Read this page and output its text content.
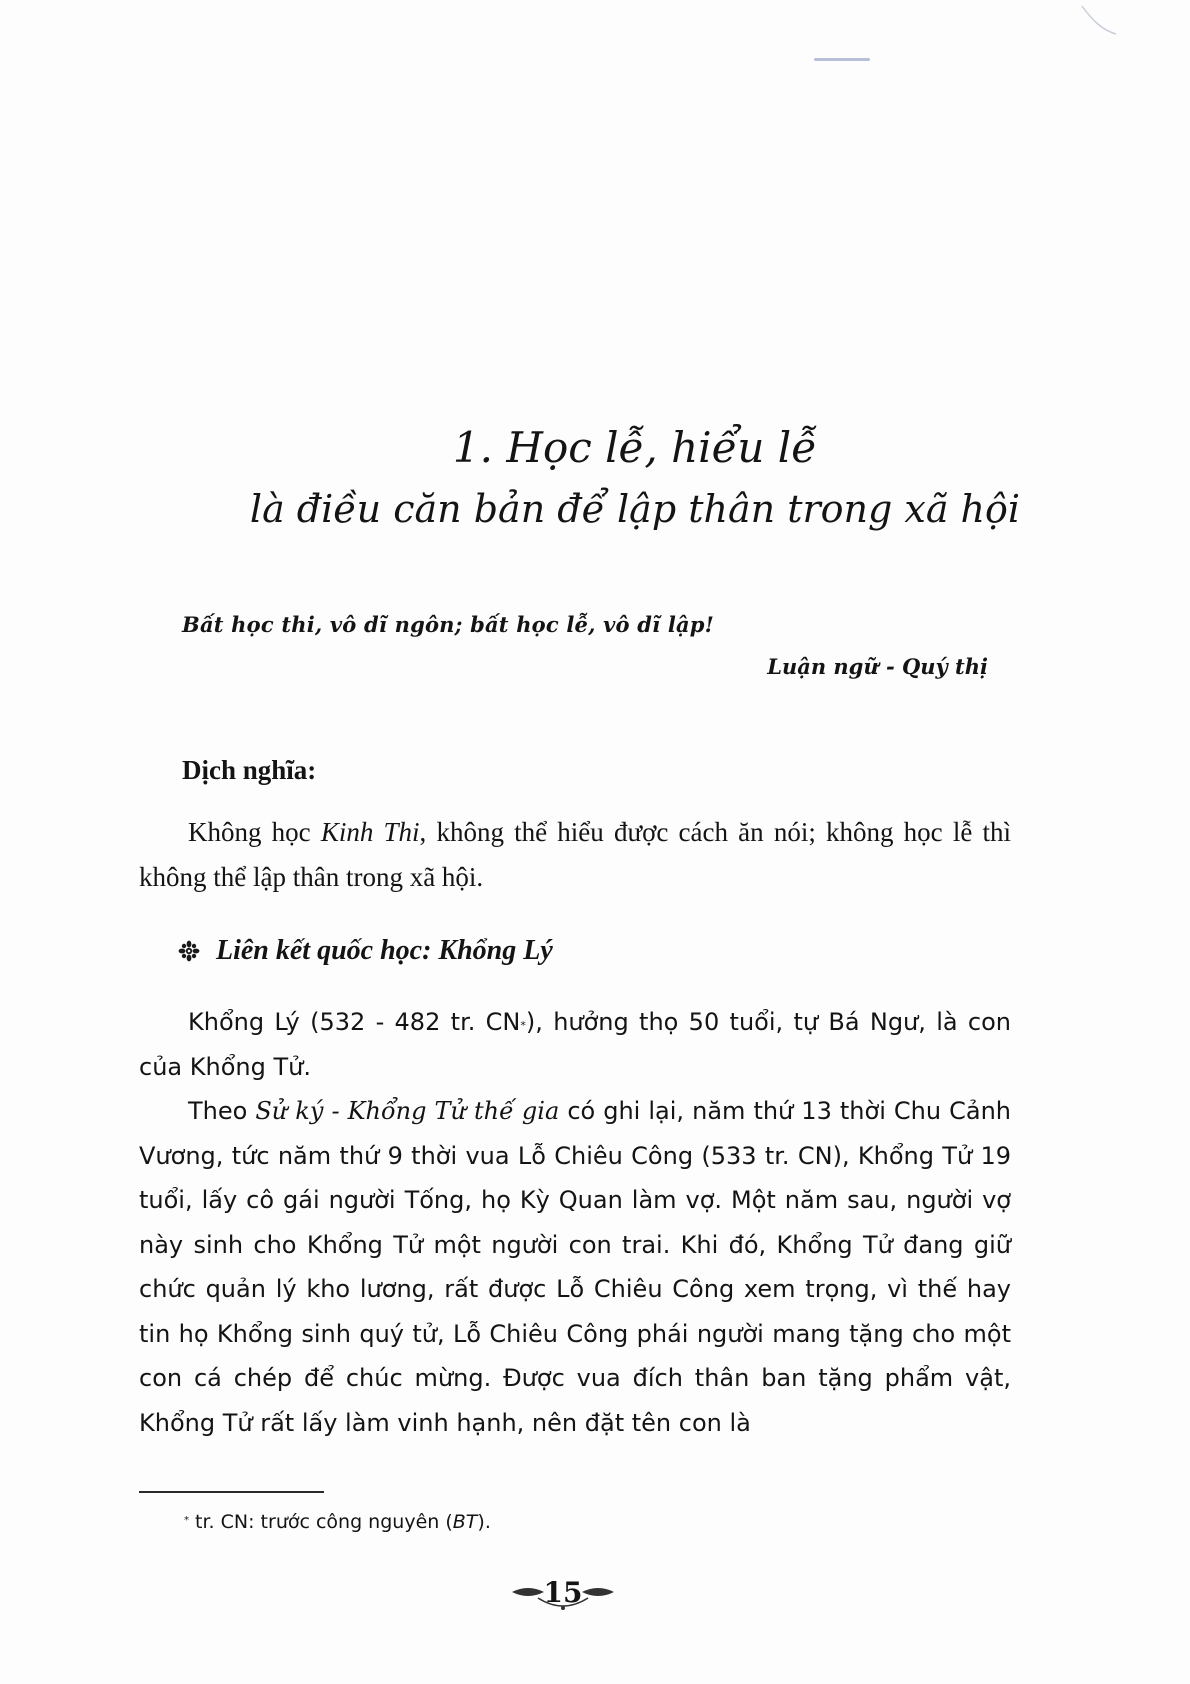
1. Học lễ, hiểu lễ
là điều căn bản để lập thân trong xã hội
Bất học thi, vô dĩ ngôn; bất học lễ, vô dĩ lập!
Luận ngữ - Quý thị
Dịch nghĩa:

Không học Kinh Thi, không thể hiểu được cách ăn nói; không học lễ thì không thể lập thân trong xã hội.

Liên kết quốc học: Khổng Lý

Khổng Lý (532 - 482 tr. CN*), hưởng thọ 50 tuổi, tự Bá Ngư, là con của Khổng Tử.

Theo Sử ký - Khổng Tử thế gia có ghi lại, năm thứ 13 thời Chu Cảnh Vương, tức năm thứ 9 thời vua Lỗ Chiêu Công (533 tr. CN), Khổng Tử 19 tuổi, lấy cô gái người Tống, họ Kỳ Quan làm vợ. Một năm sau, người vợ này sinh cho Khổng Tử một người con trai. Khi đó, Khổng Tử đang giữ chức quản lý kho lương, rất được Lỗ Chiêu Công xem trọng, vì thế hay tin họ Khổng sinh quý tử, Lỗ Chiêu Công phái người mang tặng cho một con cá chép để chúc mừng. Được vua đích thân ban tặng phẩm vật, Khổng Tử rất lấy làm vinh hạnh, nên đặt tên con là

* tr. CN: trước công nguyên (BT).
15
